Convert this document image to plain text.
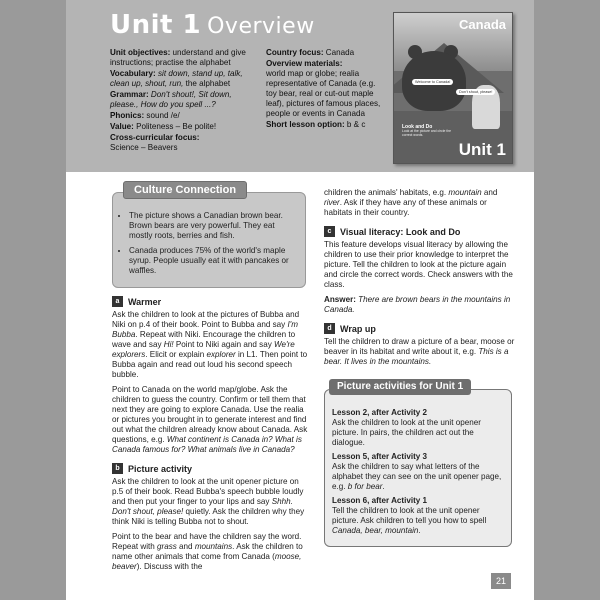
Unit 1 Overview

Unit objectives: understand and give instructions; practise the alphabet

Vocabulary: sit down, stand up, talk, clean up, shout, run, the alphabet

Grammar: Don't shout!, Sit down, please., How do you spell ...?

Phonics: sound /e/

Value: Politeness – Be polite!

Cross-curricular focus:
Science – Beavers

Country focus: Canada

Overview materials:
world map or globe; realia representative of Canada (e.g. toy bear, real or cut-out maple leaf), pictures of famous places, people or events in Canada

Short lesson option: b & c

Canada
Welcome to Canada!
Don't shout, please!
Look and Do
Look at the picture and circle the correct words.
Unit 1
Culture Connection
• The picture shows a Canadian brown bear. Brown bears are very powerful. They eat mostly roots, berries and fish.
• Canada produces 75% of the world's maple syrup. People usually eat it with pancakes or waffles.
a Warmer

Ask the children to look at the pictures of Bubba and Niki on p.4 of their book. Point to Bubba and say I'm Bubba. Repeat with Niki. Encourage the children to wave and say Hi! Point to Niki again and say We're explorers. Elicit or explain explorer in L1. Then point to Bubba again and read out loud his second speech bubble.

Point to Canada on the world map/globe. Ask the children to guess the country. Confirm or tell them that next they are going to explore Canada. Use the realia or pictures you brought in to generate interest and find out what the children already know about Canada. Ask questions, e.g. What continent is Canada in? What is Canada famous for? What animals live in Canada?

b Picture activity

Ask the children to look at the unit opener picture on p.5 of their book. Read Bubba's speech bubble loudly and then put your finger to your lips and say Shhh. Don't shout, please! quietly. Ask the children why they think Niki is telling Bubba not to shout.

Point to the bear and have the children say the word. Repeat with grass and mountains. Ask the children to name other animals that come from Canada (moose, beaver). Discuss with the

children the animals' habitats, e.g. mountain and river. Ask if they have any of these animals or habitats in their country.

c Visual literacy: Look and Do

This feature develops visual literacy by allowing the children to use their prior knowledge to interpret the picture. Tell the children to look at the picture again and circle the correct words. Check answers with the class.

Answer: There are brown bears in the mountains in Canada.

d Wrap up

Tell the children to draw a picture of a bear, moose or beaver in its habitat and write about it, e.g. This is a bear. It lives in the mountains.

Picture activities for Unit 1

Lesson 2, after Activity 2

Ask the children to look at the unit opener picture. In pairs, the children act out the dialogue.

Lesson 5, after Activity 3

Ask the children to say what letters of the alphabet they can see on the unit opener page, e.g. b for bear.

Lesson 6, after Activity 1

Tell the children to look at the unit opener picture. Ask children to tell you how to spell Canada, bear, mountain.

21
